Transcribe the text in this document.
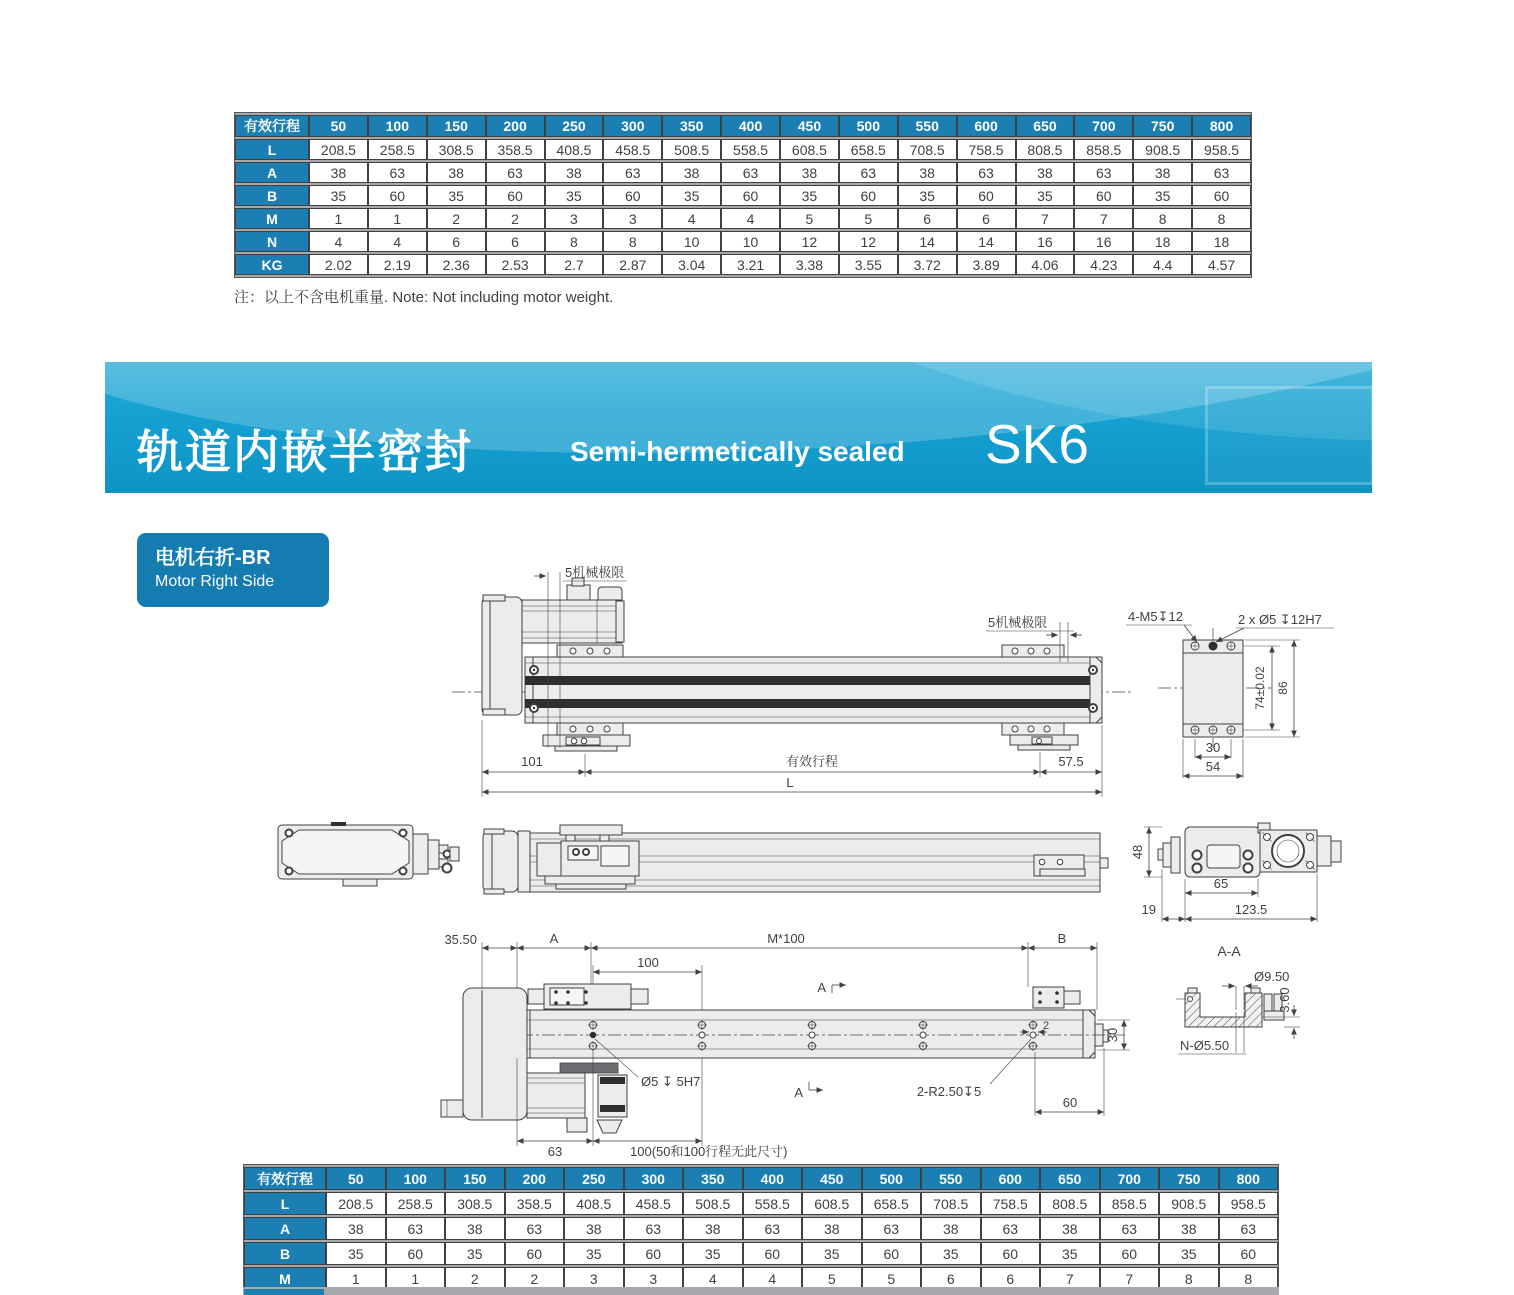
有效行程	50	100	150	200	250	300	350	400	450	500	550	600	650	700	750	800
L	208.5	258.5	308.5	358.5	408.5	458.5	508.5	558.5	608.5	658.5	708.5	758.5	808.5	858.5	908.5	958.5
A	38	63	38	63	38	63	38	63	38	63	38	63	38	63	38	63
B	35	60	35	60	35	60	35	60	35	60	35	60	35	60	35	60
M	1	1	2	2	3	3	4	4	5	5	6	6	7	7	8	8
N	4	4	6	6	8	8	10	10	12	12	14	14	16	16	18	18
KG	2.02	2.19	2.36	2.53	2.7	2.87	3.04	3.21	3.38	3.55	3.72	3.89	4.06	4.23	4.4	4.57
注：以上不含电机重量. Note: Not including motor weight.
轨道内嵌半密封	Semi-hermetically sealed SK6
电机右折-BR
Motor Right Side
5机械极限
5机械极限
101	有效行程	57.5
L
4-M5↧12	2 x Ø5 ↧12H7
74±0.02 86
30
54
48
65
19	123.5
35.50	A	M*100	B
100
A
2
Ø5 ↧ 5H7
2-R2.50↧5
A
30
60
63	100(50和100行程无此尺寸)
A-A
Ø9.50
3.60
N-Ø5.50
有效行程	50	100	150	200	250	300	350	400	450	500	550	600	650	700	750	800
L	208.5	258.5	308.5	358.5	408.5	458.5	508.5	558.5	608.5	658.5	708.5	758.5	808.5	858.5	908.5	958.5
A	38	63	38	63	38	63	38	63	38	63	38	63	38	63	38	63
B	35	60	35	60	35	60	35	60	35	60	35	60	35	60	35	60
M	1	1	2	2	3	3	4	4	5	5	6	6	7	7	8	8
